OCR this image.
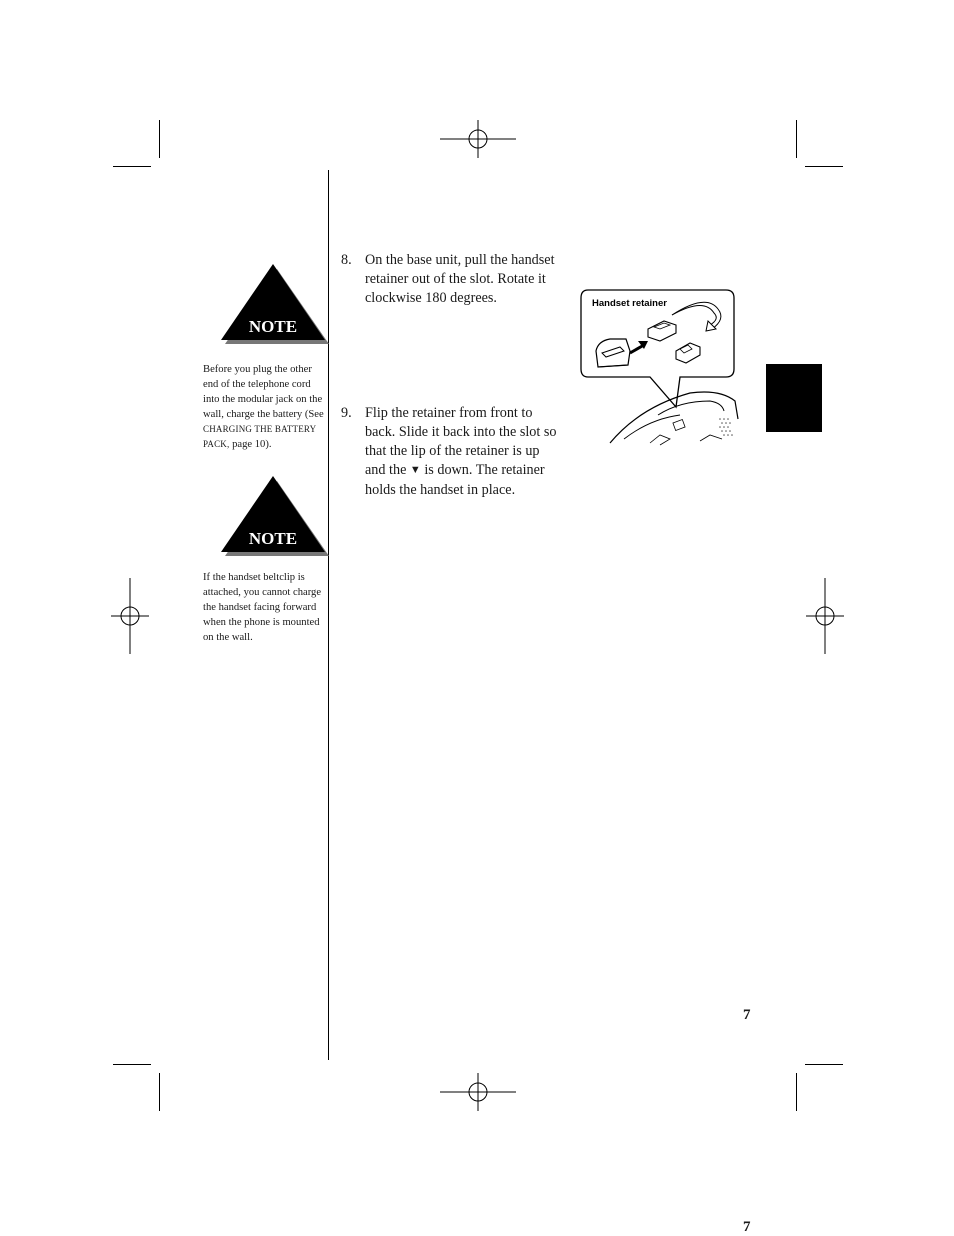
NOTE
Before you plug the other end of the telephone cord into the modular jack on the wall, charge the battery (See CHARGING THE BATTERY PACK, page 10).
NOTE
If the handset beltclip is attached, you cannot charge the handset facing forward when the phone is mounted on the wall.
8. On the base unit, pull the handset retainer out of the slot. Rotate it clockwise 180 degrees.
9. Flip the retainer from front to back. Slide it back into the slot so that the lip of the retainer is up and the ▼ is down. The retainer holds the handset in place.
Handset retainer
7
7
